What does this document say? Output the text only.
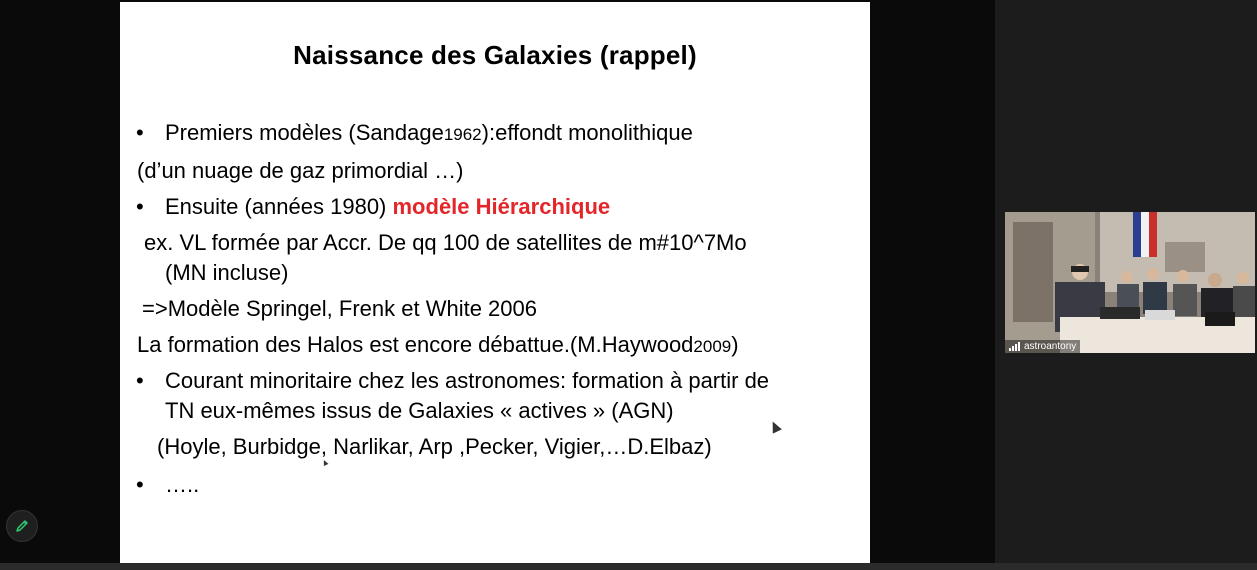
Naissance des Galaxies (rappel)
• Premiers modèles (Sandage1962):effondt monolithique
(d’un nuage de gaz primordial …)
• Ensuite (années 1980) modèle Hiérarchique
ex. VL formée par Accr. De qq 100 de satellites de m#10^7Mo
(MN incluse)
=>Modèle Springel, Frenk et White 2006
La formation des Halos est encore débattue.(M.Haywood2009)
• Courant minoritaire chez les astronomes: formation à partir de
TN eux-mêmes issus de Galaxies « actives » (AGN)
(Hoyle, Burbidge, Narlikar, Arp ,Pecker, Vigier,…D.Elbaz)
• …..
astroantony
